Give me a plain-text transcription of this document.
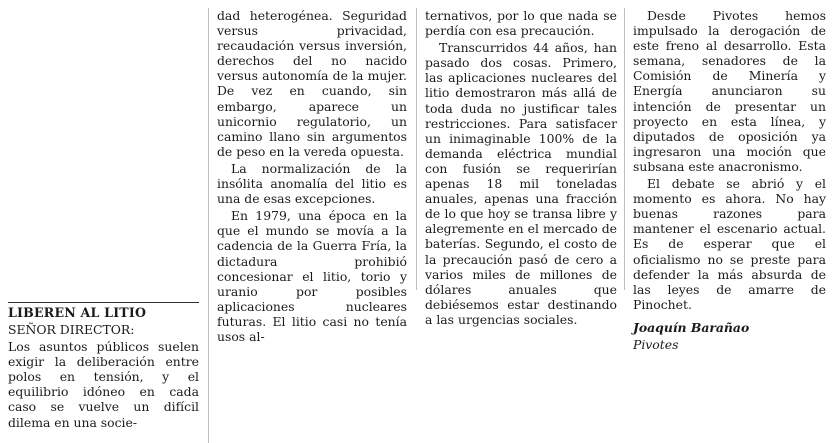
LIBEREN AL LITIO

SEÑOR DIRECTOR:

Los asuntos públicos suelen exigir la deliberación entre polos en tensión, y el equilibrio idóneo en cada caso se vuelve un difícil dilema en una socie-

dad heterogénea. Seguridad versus privacidad, recaudación versus inversión, derechos del no nacido versus autonomía de la mujer. De vez en cuando, sin embargo, aparece un unicornio regulatorio, un camino llano sin argumentos de peso en la vereda opuesta.

La normalización de la insólita anomalía del litio es una de esas excepciones.

En 1979, una época en la que el mundo se movía a la cadencia de la Guerra Fría, la dictadura prohibió concesionar el litio, torio y uranio por posibles aplicaciones nucleares futuras. El litio casi no tenía usos al-

ternativos, por lo que nada se perdía con esa precaución.

Transcurridos 44 años, han pasado dos cosas. Primero, las aplicaciones nucleares del litio demostraron más allá de toda duda no justificar tales restricciones. Para satisfacer un inimaginable 100% de la demanda eléctrica mundial con fusión se requerirían apenas 18 mil toneladas anuales, apenas una fracción de lo que hoy se transa libre y alegremente en el mercado de baterías. Segundo, el costo de la precaución pasó de cero a varios miles de millones de dólares anuales que debiésemos estar destinando a las urgencias sociales.

Desde Pivotes hemos impulsado la derogación de este freno al desarrollo. Esta semana, senadores de la Comisión de Minería y Energía anunciaron su intención de presentar un proyecto en esta línea, y diputados de oposición ya ingresaron una moción que subsana este anacronismo.

El debate se abrió y el momento es ahora. No hay buenas razones para mantener el escenario actual. Es de esperar que el oficialismo no se preste para defender la más absurda de las leyes de amarre de Pinochet.

Joaquín Barañao

Pivotes
